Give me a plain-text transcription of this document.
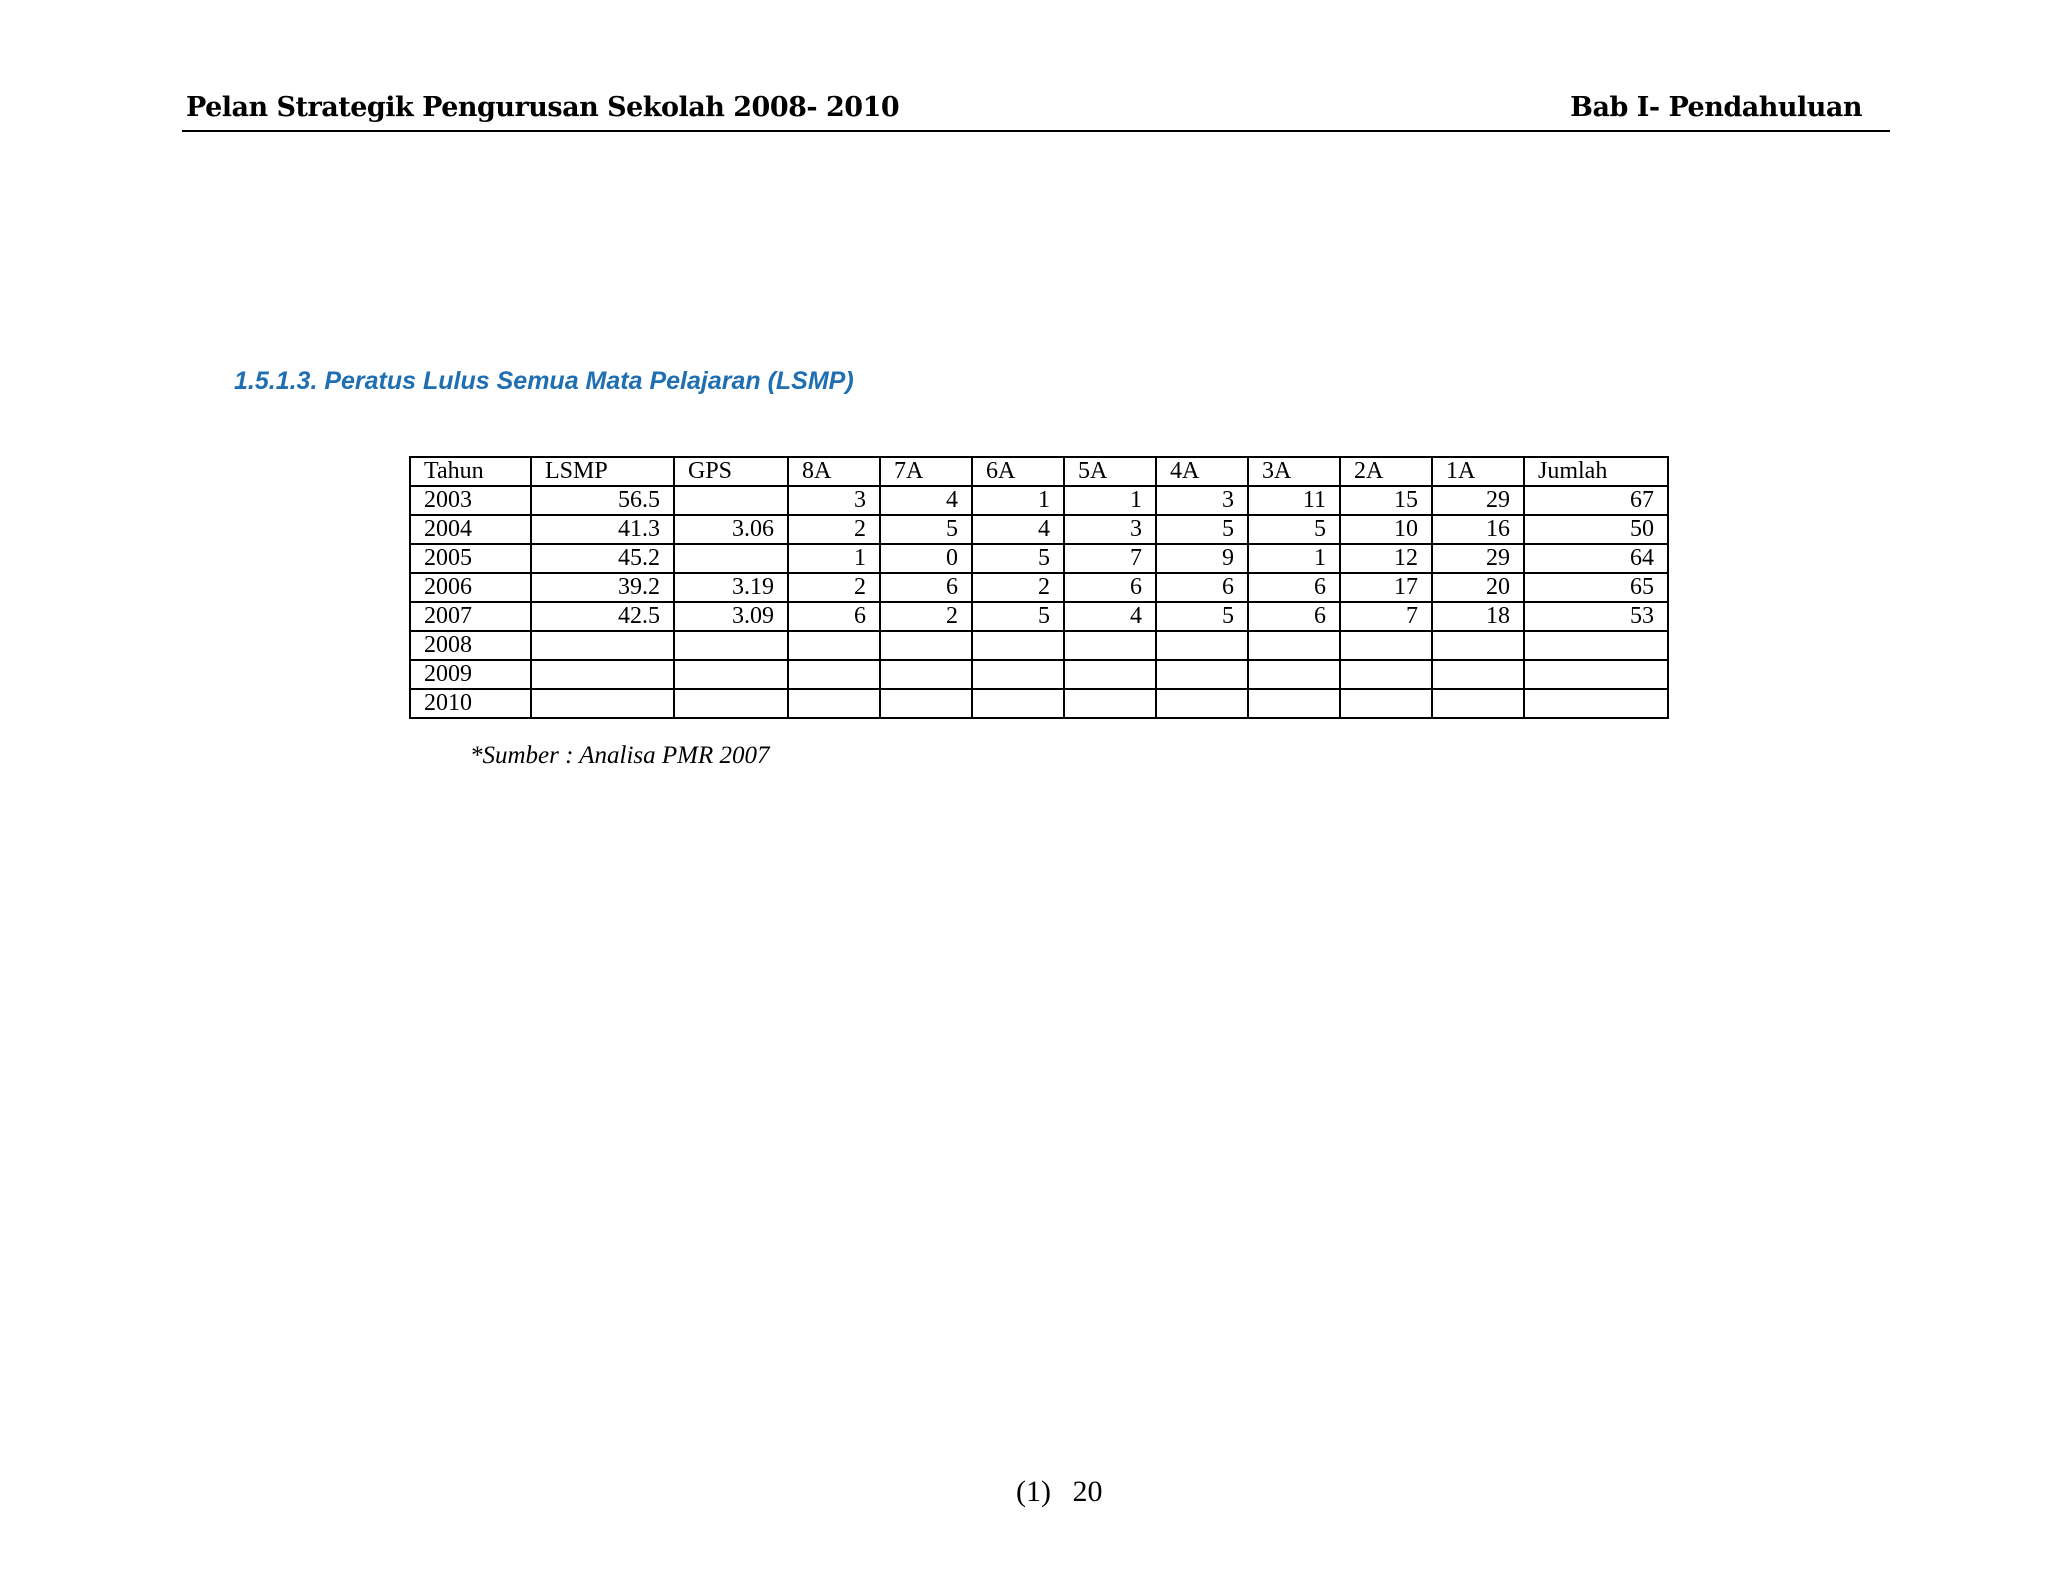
Pelan Strategik Pengurusan Sekolah 2008- 2010	Bab I- Pendahuluan
1.5.1.3. Peratus Lulus Semua Mata Pelajaran (LSMP)
Tahun	LSMP	GPS	8A	7A	6A	5A	4A	3A	2A	1A	Jumlah
2003	56.5		3	4	1	1	3	11	15	29	67
2004	41.3	3.06	2	5	4	3	5	5	10	16	50
2005	45.2		1	0	5	7	9	1	12	29	64
2006	39.2	3.19	2	6	2	6	6	6	17	20	65
2007	42.5	3.09	6	2	5	4	5	6	7	18	53
2008											
2009											
2010											
*Sumber : Analisa PMR 2007
(1) 20
